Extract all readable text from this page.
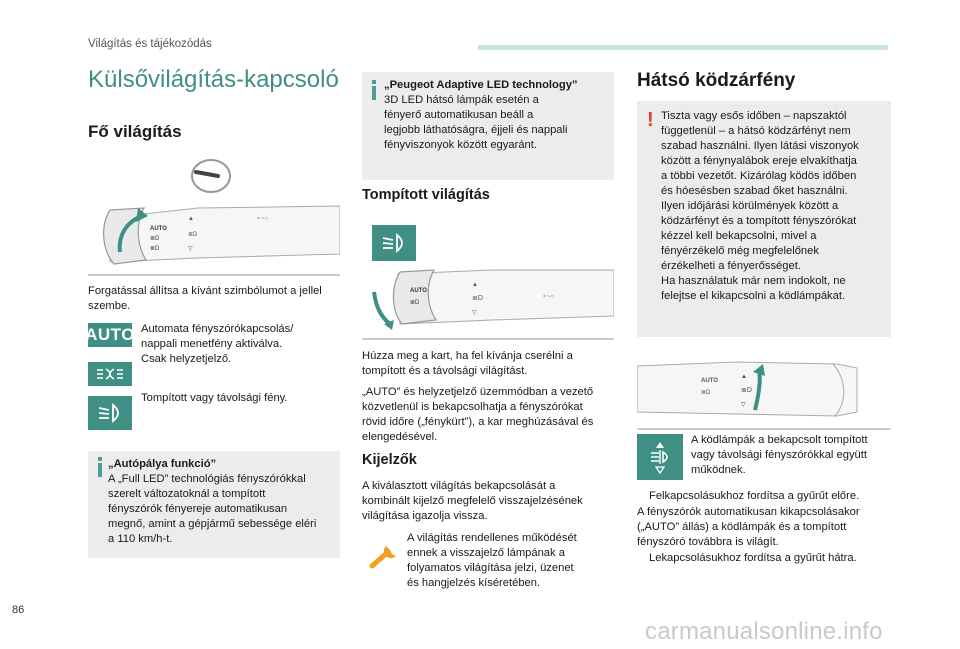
Világítás és tájékozódás
Külsővilágítás-kapcsoló
Fő világítás
AUTO
≣D
≣D
▲
≣D
▽
⚬~○
Forgatással állítsa a kívánt szimbólumot a jellel szembe.
AUTO Automata fényszórókapcsolás/
nappali menetfény aktiválva.
Csak helyzetjelző.
Tompított vagy távolsági fény.
„Autópálya funkció”
A „Full LED” technológiás fényszórókkal
szerelt változatoknál a tompított
fényszórók fényereje automatikusan
megnő, amint a gépjármű sebessége eléri
a 110 km/h-t.
„Peugeot Adaptive LED technology”
3D LED hátsó lámpák esetén a
fényerő automatikusan beáll a
legjobb láthatóságra, éjjeli és nappali
fényviszonyok között egyaránt.
Tompított világítás
AUTO
≣D
▲
≣D
▽
⚬~○
Húzza meg a kart, ha fel kívánja cserélni a
tompított és a távolsági világítást.
„AUTO” és helyzetjelző üzemmódban a vezető
közvetlenül is bekapcsolhatja a fényszórókat
rövid időre („fénykürt”), a kar meghúzásával és
elengedésével.
Kijelzők
A kiválasztott világítás bekapcsolását a
kombinált kijelző megfelelő visszajelzésének
világítása igazolja vissza.
A világítás rendellenes működését
ennek a visszajelző lámpának a
folyamatos világítása jelzi, üzenet
és hangjelzés kíséretében.
Hátsó ködzárfény
! Tiszta vagy esős időben – napszaktól
függetlenül – a hátsó ködzárfényt nem
szabad használni. Ilyen látási viszonyok
között a fénynyalábok ereje elvakíthatja
a többi vezetőt. Kizárólag ködös időben
és hóesésben szabad őket használni.
Ilyen időjárási körülmények között a
ködzárfényt és a tompított fényszórókat
kézzel kell bekapcsolni, mivel a
fényérzékelő még megfelelőnek
érzékelheti a fényerősséget.
Ha használatuk már nem indokolt, ne
felejtse el kikapcsolni a ködlámpákat.
AUTO
≣D
▲
≣D
▽
A ködlámpák a bekapcsolt tompított
vagy távolsági fényszórókkal együtt
működnek.
Felkapcsolásukhoz fordítsa a gyűrűt előre.
A fényszórók automatikusan kikapcsolásakor
(„AUTO” állás) a ködlámpák és a tompított
fényszóró továbbra is világít.
Lekapcsolásukhoz fordítsa a gyűrűt hátra.
86
carmanualsonline.info
